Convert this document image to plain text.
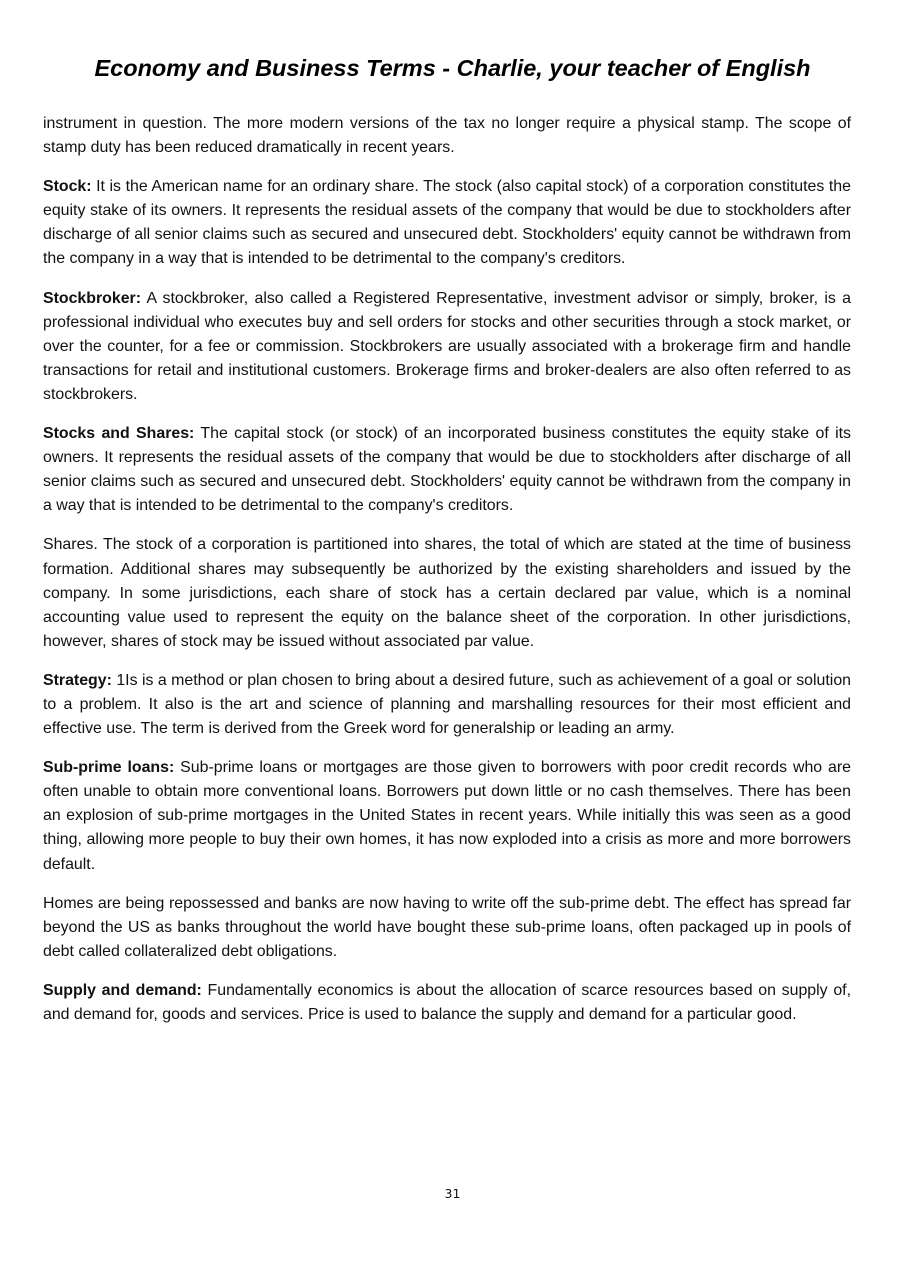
Economy and Business Terms - Charlie, your teacher of English

instrument in question. The more modern versions of the tax no longer require a physical stamp. The scope of stamp duty has been reduced dramatically in recent years.

Stock: It is the American name for an ordinary share. The stock (also capital stock) of a corporation constitutes the equity stake of its owners. It represents the residual assets of the company that would be due to stockholders after discharge of all senior claims such as secured and unsecured debt. Stockholders' equity cannot be withdrawn from the company in a way that is intended to be detrimental to the company's creditors.

Stockbroker: A stockbroker, also called a Registered Representative, investment advisor or simply, broker, is a professional individual who executes buy and sell orders for stocks and other securities through a stock market, or over the counter, for a fee or commission. Stockbrokers are usually associated with a brokerage firm and handle transactions for retail and institutional customers. Brokerage firms and broker-dealers are also often referred to as stockbrokers.

Stocks and Shares: The capital stock (or stock) of an incorporated business constitutes the equity stake of its owners. It represents the residual assets of the company that would be due to stockholders after discharge of all senior claims such as secured and unsecured debt. Stockholders' equity cannot be withdrawn from the company in a way that is intended to be detrimental to the company's creditors.

Shares. The stock of a corporation is partitioned into shares, the total of which are stated at the time of business formation. Additional shares may subsequently be authorized by the existing shareholders and issued by the company. In some jurisdictions, each share of stock has a certain declared par value, which is a nominal accounting value used to represent the equity on the balance sheet of the corporation. In other jurisdictions, however, shares of stock may be issued without associated par value.

Strategy: 1Is is a method or plan chosen to bring about a desired future, such as achievement of a goal or solution to a problem. It also is the art and science of planning and marshalling resources for their most efficient and effective use. The term is derived from the Greek word for generalship or leading an army.

Sub-prime loans: Sub-prime loans or mortgages are those given to borrowers with poor credit records who are often unable to obtain more conventional loans. Borrowers put down little or no cash themselves. There has been an explosion of sub-prime mortgages in the United States in recent years. While initially this was seen as a good thing, allowing more people to buy their own homes, it has now exploded into a crisis as more and more borrowers default.

Homes are being repossessed and banks are now having to write off the sub-prime debt. The effect has spread far beyond the US as banks throughout the world have bought these sub-prime loans, often packaged up in pools of debt called collateralized debt obligations.

Supply and demand: Fundamentally economics is about the allocation of scarce resources based on supply of, and demand for, goods and services. Price is used to balance the supply and demand for a particular good.

31
